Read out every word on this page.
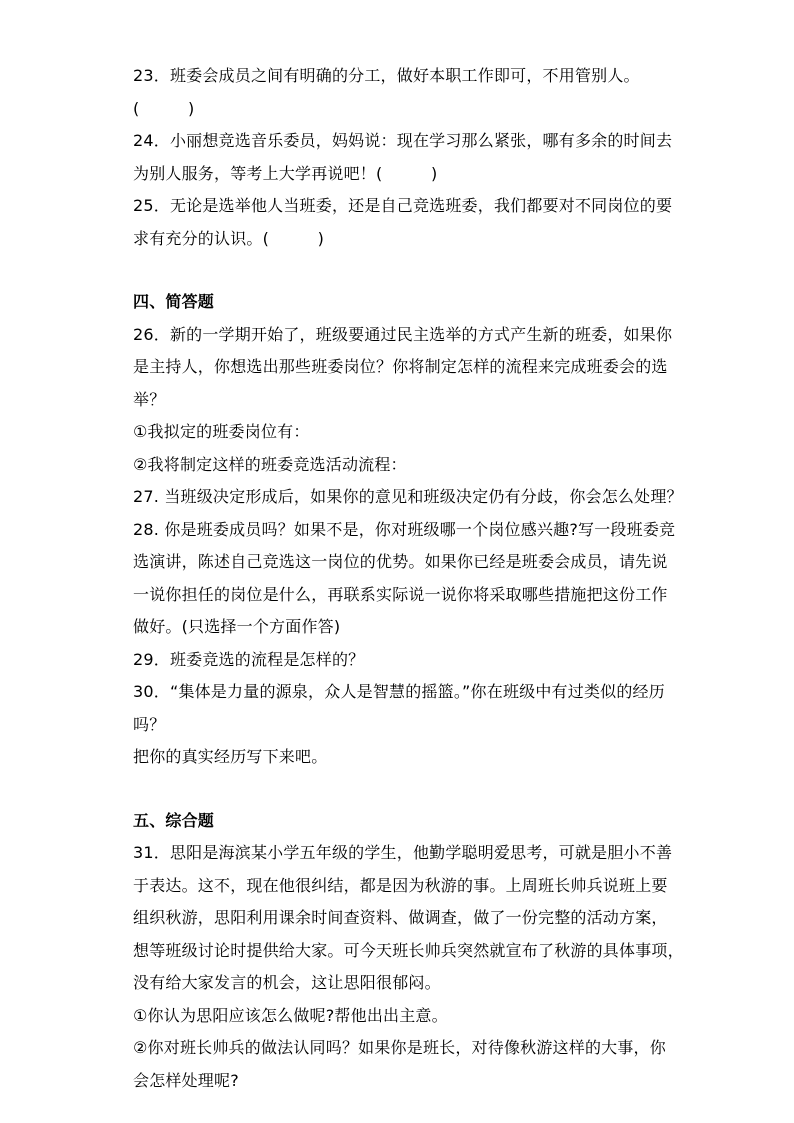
23．班委会成员之间有明确的分工，做好本职工作即可，不用管别人。
(　　　)
24．小丽想竞选音乐委员，妈妈说：现在学习那么紧张，哪有多余的时间去
为别人服务，等考上大学再说吧！(　　　)
25．无论是选举他人当班委，还是自己竞选班委，我们都要对不同岗位的要
求有充分的认识。(　　　)
四、简答题
26．新的一学期开始了，班级要通过民主选举的方式产生新的班委，如果你
是主持人，你想选出那些班委岗位？你将制定怎样的流程来完成班委会的选
举？
①我拟定的班委岗位有：
②我将制定这样的班委竞选活动流程：
27. 当班级决定形成后，如果你的意见和班级决定仍有分歧，你会怎么处理？
28. 你是班委成员吗？如果不是，你对班级哪一个岗位感兴趣?写一段班委竞
选演讲，陈述自己竞选这一岗位的优势。如果你已经是班委会成员，请先说
一说你担任的岗位是什么，再联系实际说一说你将采取哪些措施把这份工作
做好。(只选择一个方面作答)
29．班委竞选的流程是怎样的？
30．“集体是力量的源泉，众人是智慧的摇篮。”你在班级中有过类似的经历
吗？
把你的真实经历写下来吧。
五、综合题
31．思阳是海滨某小学五年级的学生，他勤学聪明爱思考，可就是胆小不善
于表达。这不，现在他很纠结，都是因为秋游的事。上周班长帅兵说班上要
组织秋游，思阳利用课余时间查资料、做调查，做了一份完整的活动方案，
想等班级讨论时提供给大家。可今天班长帅兵突然就宣布了秋游的具体事项，
没有给大家发言的机会，这让思阳很郁闷。
①你认为思阳应该怎么做呢?帮他出出主意。
②你对班长帅兵的做法认同吗？如果你是班长，对待像秋游这样的大事，你
会怎样处理呢?
